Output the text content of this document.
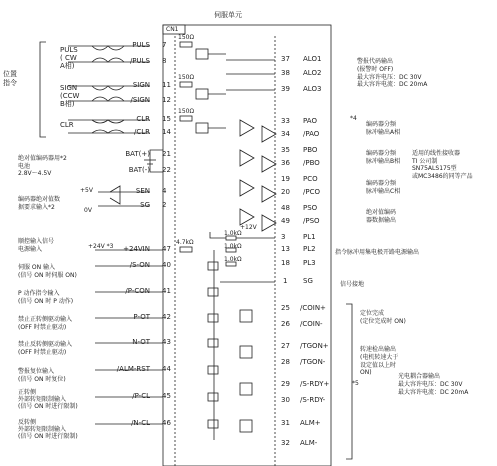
伺服单元
CN1
位置
指令
PULS
( CW
A相)
SIGN
(CCW
B相)
CLR
绝对值编码器用*2
电池
2.8V～4.5V
编码器绝对值数
据要求输入*2
+5V
0V
PULS 7
/PULS 8
SIGN 11
/SIGN 12
CLR 15
/CLR 14
BAT(+) 21
BAT(-) 22
SEN 4
SG 2
150Ω
150Ω
150Ω
4.7kΩ
1.0kΩ
1.0kΩ
1.0kΩ
顺控输入信号
电源输入	+24V *3 +24VIN 47
伺服 ON 输入
(信号 ON 时伺服 ON)
/S-ON 40
P 动作指令输入
(信号 ON 时 P 动作)
/P-CON 41
禁止正转侧驱动输入
(OFF 时禁止驱动)
P-OT 42
禁止反转侧驱动输入
(OFF 时禁止驱动)
N-OT 43
警报复位输入
(信号 ON 时复位)
/ALM-RST 44
正转侧
外部转矩限制输入
(信号 ON 时进行限制)
/P-CL 45
反转侧
外部转矩限制输入
(信号 ON 时进行限制)
/N-CL 46
37 ALO1
38 ALO2
39 ALO3
警报代码输出
(报警时 OFF)
最大容许电压：DC 30V
最大容许电流：DC 20mA
33 PAO
34 /PAO
35 PBO
36 /PBO
19 PCO
20 /PCO
48 PSO
49 /PSO
编码器分频
脉冲输出A相
编码器分频
脉冲输出B相
编码器分频
脉冲输出C相
绝对值编码
器数据输出
适用的线性接收器
TI 公司制
SN75ALS175型
或MC3486的同等产品
*4
+12V
3	PL1
13 PL2
18 PL3
指令脉冲用集电极开路电源输出
1 SG	信号接地
25 /COIN+
26 /COIN-
27 /TGON+
28 /TGON-
29 /S-RDY+
30 /S-RDY-
31 ALM+
32 ALM-
定位完成
(定位完成时 ON)
转速检出输出
(电机转速大于
设定值以上时
ON)
光电耦合器输出
最大容许电压：DC 30V
最大容许电流：DC 20mA
*5
